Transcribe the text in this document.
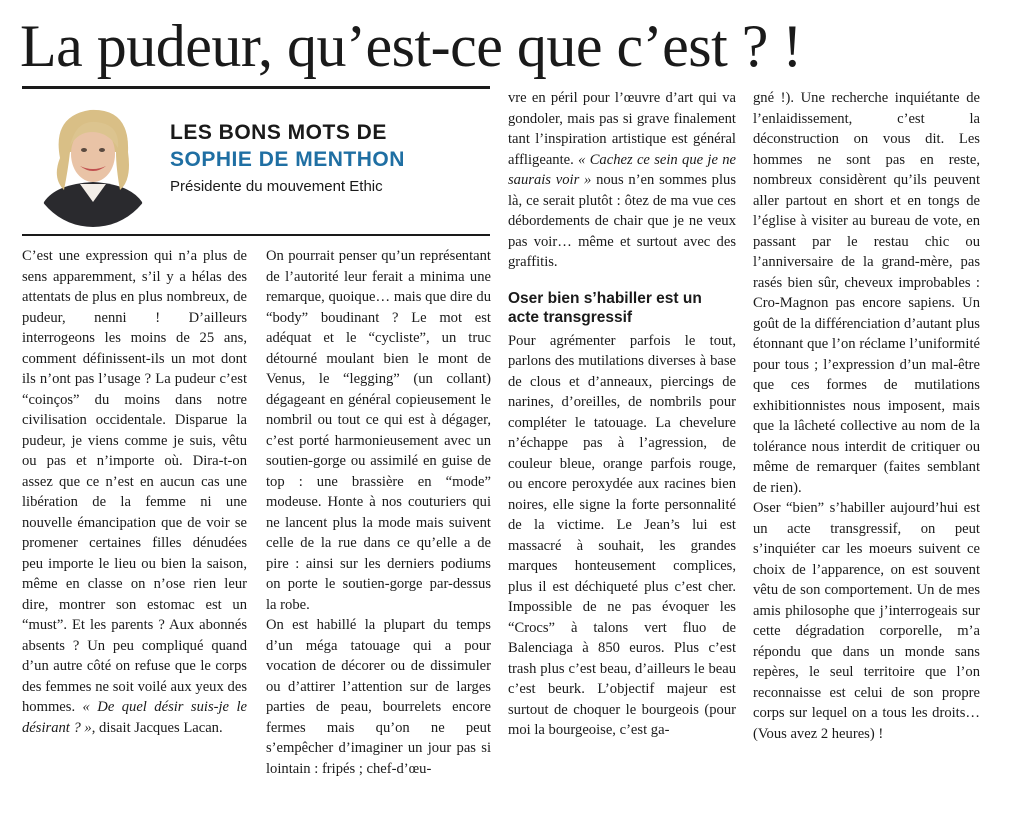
La pudeur, qu’est-ce que c’est ? !
LES BONS MOTS DE
SOPHIE DE MENTHON
Présidente du mouvement Ethic

C’est une expression qui n’a plus de sens apparemment, s’il y a hélas des attentats de plus en plus nombreux, de pudeur, nenni ! D’ailleurs interrogeons les moins de 25 ans, comment définissent-ils un mot dont ils n’ont pas l’usage ? La pudeur c’est “coinços” du moins dans notre civilisation occidentale. Disparue la pudeur, je viens comme je suis, vêtu ou pas et n’importe où. Dira-t-on assez que ce n’est en aucun cas une libération de la femme ni une nouvelle émancipation que de voir se promener certaines filles dénudées peu importe le lieu ou bien la saison, même en classe on n’ose rien leur dire, montrer son estomac est un “must”. Et les parents ? Aux abonnés absents ? Un peu compliqué quand d’un autre côté on refuse que le corps des femmes ne soit voilé aux yeux des hommes. « De quel désir suis-je le désirant ? », disait Jacques Lacan.

On pourrait penser qu’un représentant de l’autorité leur ferait a minima une remarque, quoique… mais que dire du “body” boudinant ? Le mot est adéquat et le “cycliste”, un truc détourné moulant bien le mont de Venus, le “legging” (un collant) dégageant en général copieusement le nombril ou tout ce qui est à dégager, c’est porté harmonieusement avec un soutien-gorge ou assimilé en guise de top : une brassière en “mode” modeuse. Honte à nos couturiers qui ne lancent plus la mode mais suivent celle de la rue dans ce qu’elle a de pire : ainsi sur les derniers podiums on porte le soutien-gorge par-dessus la robe.

On est habillé la plupart du temps d’un méga tatouage qui a pour vocation de décorer ou de dissimuler ou d’attirer l’attention sur de larges parties de peau, bourrelets encore fermes mais qu’on ne peut s’empêcher d’imaginer un jour pas si lointain : fripés ; chef-d’œu-

vre en péril pour l’œuvre d’art qui va gondoler, mais pas si grave finalement tant l’inspiration artistique est général affligeante. « Cachez ce sein que je ne saurais voir » nous n’en sommes plus là, ce serait plutôt : ôtez de ma vue ces débordements de chair que je ne veux pas voir… même et surtout avec des graffitis.

Oser bien s’habiller est un acte transgressif

Pour agrémenter parfois le tout, parlons des mutilations diverses à base de clous et d’anneaux, piercings de narines, d’oreilles, de nombrils pour compléter le tatouage. La chevelure n’échappe pas à l’agression, de couleur bleue, orange parfois rouge, ou encore peroxydée aux racines bien noires, elle signe la forte personnalité de la victime. Le Jean’s lui est massacré à souhait, les grandes marques honteusement complices, plus il est déchiqueté plus c’est cher. Impossible de ne pas évoquer les “Crocs” à talons vert fluo de Balenciaga à 850 euros. Plus c’est trash plus c’est beau, d’ailleurs le beau c’est beurk. L’objectif majeur est surtout de choquer le bourgeois (pour moi la bourgeoise, c’est ga-

gné !). Une recherche inquiétante de l’enlaidissement, c’est la déconstruction on vous dit. Les hommes ne sont pas en reste, nombreux considèrent qu’ils peuvent aller partout en short et en tongs de l’église à visiter au bureau de vote, en passant par le restau chic ou l’anniversaire de la grand-mère, pas rasés bien sûr, cheveux improbables : Cro-Magnon pas encore sapiens. Un goût de la différenciation d’autant plus étonnant que l’on réclame l’uniformité pour tous ; l’expression d’un mal-être que ces formes de mutilations exhibitionnistes nous imposent, mais que la lâcheté collective au nom de la tolérance nous interdit de critiquer ou même de remarquer (faites semblant de rien).

Oser “bien” s’habiller aujourd’hui est un acte transgressif, on peut s’inquiéter car les moeurs suivent ce choix de l’apparence, on est souvent vêtu de son comportement. Un de mes amis philosophe que j’interrogeais sur cette dégradation corporelle, m’a répondu que dans un monde sans repères, le seul territoire que l’on reconnaisse est celui de son propre corps sur lequel on a tous les droits… (Vous avez 2 heures) !
